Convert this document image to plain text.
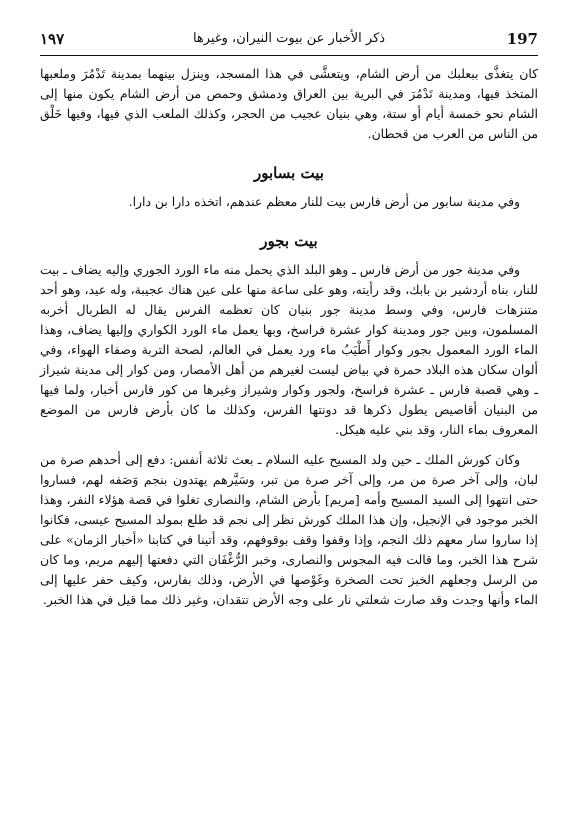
١٩٧	ذكر الأخبار عن بيوت النيران، وغيرها	197

كان يتغذَّى ببعلبك من أرض الشام، ويتعشَّى في هذا المسجد، وينزل بينهما بمدينة تَدْمُرَ وملعبها المتخذ فيها، ومدينة تَدْمُرَ في البرية بين العراق ودمشق وحمص من أرض الشام يكون منها إلى الشام نحو خمسة أيام أو ستة، وهي بنيان عجيب من الحجر، وكذلك الملعب الذي فيها، وفيها خَلْق من الناس من العرب من قحطان.

بيت بسابور

وفي مدينة سابور من أرض فارس بيت للنار معظم عندهم، اتخذه دارا بن دارا.

بيت بجور

وفي مدينة جور من أرض فارس ـ وهو البلد الذي يحمل منه ماء الورد الجوري وإليه يضاف ـ بيت للنار، بناه أردشير بن بابك، وقد رأيته، وهو على ساعة منها على عين هناك عجيبة، وله عيد، وهو أحد متنزهات فارس، وفي وسط مدينة جور بنيان كان تعظمه الفرس يقال له الطربال أخربه المسلمون، وبين جور ومدينة كوار عشرة فراسخ، وبها يعمل ماء الورد الكواري وإليها يضاف، وهذا الماء الورد المعمول بجور وكوار أَطْيَبُ ماء ورد يعمل في العالم، لصحة التربة وصفاء الهواء، وفي ألوان سكان هذه البلاد حمرة في بياض ليست لغيرهم من أهل الأمصار، ومن كوار إلى مدينة شيراز ـ وهي قصبة فارس ـ عشرة فراسخ، ولجور وكوار وشيراز وغيرها من كور فارس أخبار، ولما فيها من البنيان أقاصيص يطول ذكرها قد دونتها الفرس، وكذلك ما كان بأرض فارس من الموضع المعروف بماء النار، وقد بني عليه هيكل.

وكان كورش الملك ـ حين ولد المسيح عليه السلام ـ بعث ثلاثة أنفس: دفع إلى أحدهم صرة من لبان، وإلى آخر صرة من مر، وإلى آخر صرة من تبر، وسَيَّرهم يهتدون بنجم وَصَفه لهم، فساروا حتى انتهوا إلى السيد المسيح وأمه [مريم] بأرض الشام، والنصارى تغلوا في قصة هؤلاء النفر، وهذا الخبر موجود في الإنجيل، وإن هذا الملك كورش نظر إلى نجم قد طلع بمولد المسيح عيسى، فكانوا إذا ساروا سار معهم ذلك النجم، وإذا وقفوا وقف بوقوفهم، وقد أتينا في كتابنا «أخبار الزمان» على شرح هذا الخبر، وما قالت فيه المجوس والنصارى، وخبر الرُّغْفَان التي دفعتها إليهم مريم، وما كان من الرسل وجعلهم الخبز تحت الصخرة وغَوْصها في الأرض، وذلك بفارس، وكيف حفر عليها إلى الماء وأنها وجدت وقد صارت شعلتي نار على وجه الأرض تتقدان، وغير ذلك مما قيل في هذا الخبر.
